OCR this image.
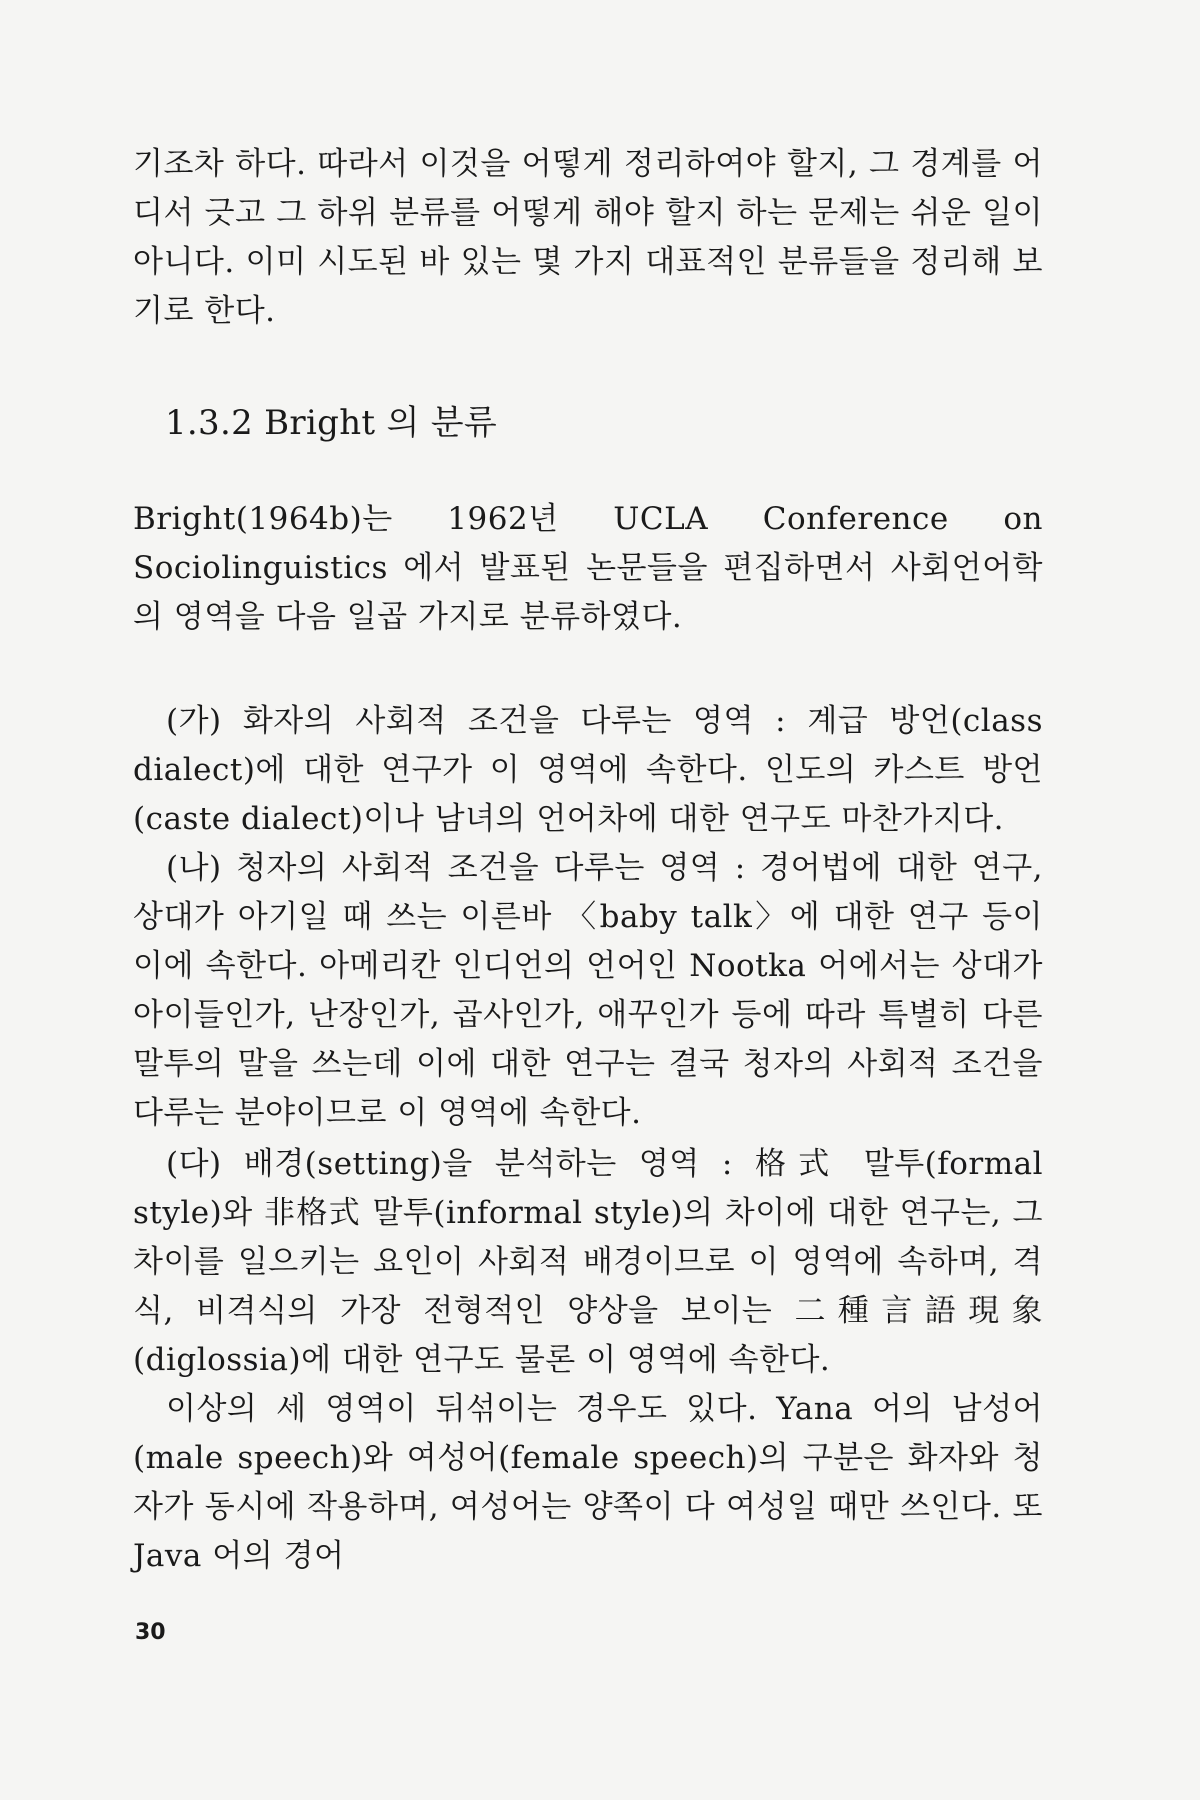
기조차 하다. 따라서 이것을 어떻게 정리하여야 할지, 그 경계를 어디서 긋고 그 하위 분류를 어떻게 해야 할지 하는 문제는 쉬운 일이 아니다. 이미 시도된 바 있는 몇 가지 대표적인 분류들을 정리해 보기로 한다.

1.3.2 Bright 의 분류

Bright(1964b)는 1962년 UCLA Conference on Sociolinguistics 에서 발표된 논문들을 편집하면서 사회언어학의 영역을 다음 일곱 가지로 분류하였다.

(가) 화자의 사회적 조건을 다루는 영역 : 계급 방언(class dialect)에 대한 연구가 이 영역에 속한다. 인도의 카스트 방언(caste dialect)이나 남녀의 언어차에 대한 연구도 마찬가지다.

(나) 청자의 사회적 조건을 다루는 영역 : 경어법에 대한 연구, 상대가 아기일 때 쓰는 이른바 〈baby talk〉에 대한 연구 등이 이에 속한다. 아메리칸 인디언의 언어인 Nootka 어에서는 상대가 아이들인가, 난장인가, 곱사인가, 애꾸인가 등에 따라 특별히 다른 말투의 말을 쓰는데 이에 대한 연구는 결국 청자의 사회적 조건을 다루는 분야이므로 이 영역에 속한다.

(다) 배경(setting)을 분석하는 영역 : 格式 말투(formal style)와 非格式 말투(informal style)의 차이에 대한 연구는, 그 차이를 일으키는 요인이 사회적 배경이므로 이 영역에 속하며, 격식, 비격식의 가장 전형적인 양상을 보이는 二種言語現象(diglossia)에 대한 연구도 물론 이 영역에 속한다.

이상의 세 영역이 뒤섞이는 경우도 있다. Yana 어의 남성어(male speech)와 여성어(female speech)의 구분은 화자와 청자가 동시에 작용하며, 여성어는 양쪽이 다 여성일 때만 쓰인다. 또 Java 어의 경어

30
